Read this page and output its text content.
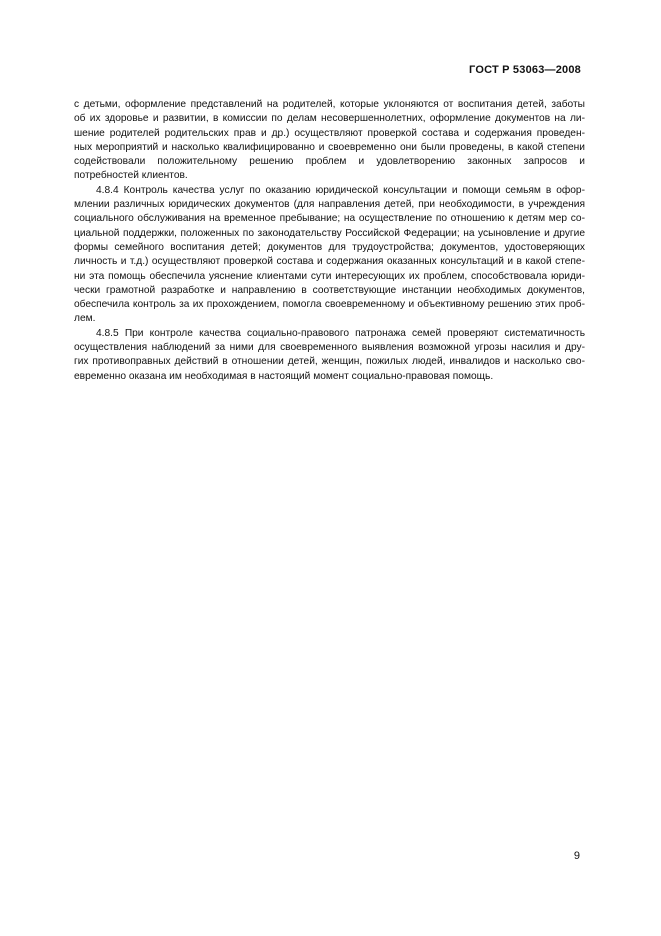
ГОСТ Р 53063—2008

с детьми, оформление представлений на родителей, которые уклоняются от воспитания детей, заботы
об их здоровье и развитии, в комиссии по делам несовершеннолетних, оформление документов на ли-
шение родителей родительских прав и др.) осуществляют проверкой состава и содержания проведен-
ных мероприятий и насколько квалифицированно и своевременно они были проведены, в какой степени
содействовали положительному решению проблем и удовлетворению законных запросов и
потребностей клиентов.

4.8.4 Контроль качества услуг по оказанию юридической консультации и помощи семьям в офор-
млении различных юридических документов (для направления детей, при необходимости, в учреждения
социального обслуживания на временное пребывание; на осуществление по отношению к детям мер со-
циальной поддержки, положенных по законодательству Российской Федерации; на усыновление и другие
формы семейного воспитания детей; документов для трудоустройства; документов, удостоверяющих
личность и т.д.) осуществляют проверкой состава и содержания оказанных консультаций и в какой степе-
ни эта помощь обеспечила уяснение клиентами сути интересующих их проблем, способствовала юриди-
чески грамотной разработке и направлению в соответствующие инстанции необходимых документов,
обеспечила контроль за их прохождением, помогла своевременному и объективному решению этих проб-
лем.

4.8.5 При контроле качества социально-правового патронажа семей проверяют систематичность
осуществления наблюдений за ними для своевременного выявления возможной угрозы насилия и дру-
гих противоправных действий в отношении детей, женщин, пожилых людей, инвалидов и насколько сво-
евременно оказана им необходимая в настоящий момент социально-правовая помощь.

9
